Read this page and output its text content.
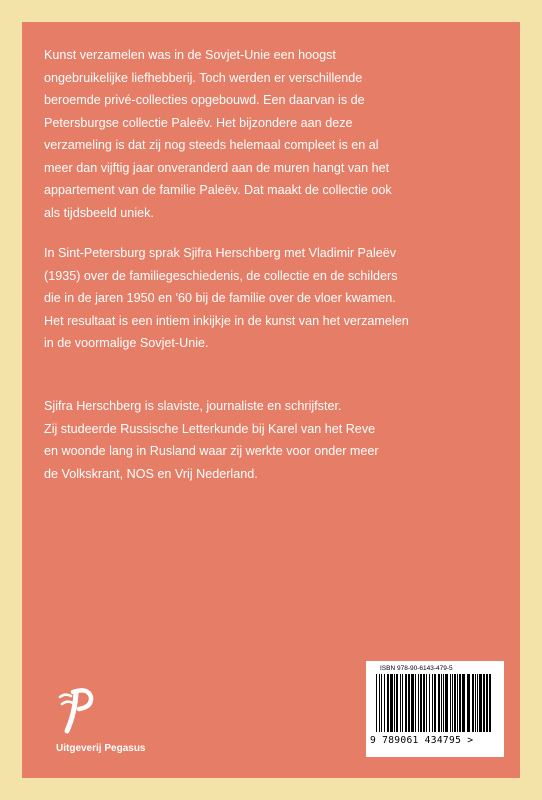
Kunst verzamelen was in de Sovjet-Unie een hoogst
ongebruikelijke liefhebberij. Toch werden er verschillende
beroemde privé-collecties opgebouwd. Een daarvan is de
Petersburgse collectie Paleëv. Het bijzondere aan deze
verzameling is dat zij nog steeds helemaal compleet is en al
meer dan vijftig jaar onveranderd aan de muren hangt van het
appartement van de familie Paleëv. Dat maakt de collectie ook
als tijdsbeeld uniek.
In Sint-Petersburg sprak Sjifra Herschberg met Vladimir Paleëv
(1935) over de familiegeschiedenis, de collectie en de schilders
die in de jaren 1950 en '60 bij de familie over de vloer kwamen.
Het resultaat is een intiem inkijkje in de kunst van het verzamelen
in de voormalige Sovjet-Unie.
Sjifra Herschberg is slaviste, journaliste en schrijfster.
Zij studeerde Russische Letterkunde bij Karel van het Reve
en woonde lang in Rusland waar zij werkte voor onder meer
de Volkskrant, NOS en Vrij Nederland.
Uitgeverij Pegasus
ISBN 978-90-6143-479-5
9 789061 434795 >
